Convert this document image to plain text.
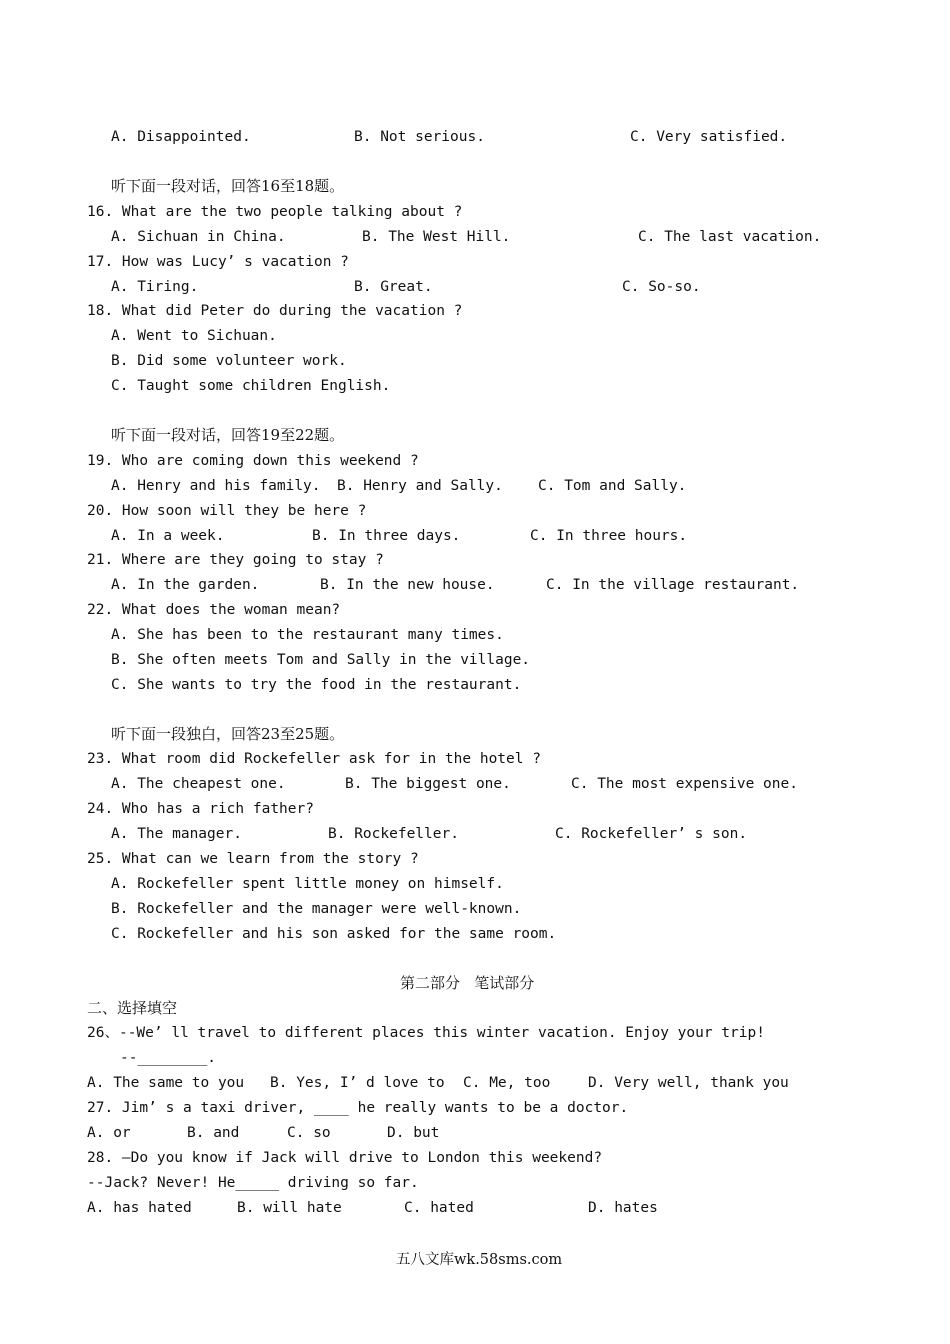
A. Disappointed.	B. Not serious.	C. Very satisfied.
听下面一段对话，回答16至18题。
16. What are the two people talking about ?
A. Sichuan in China.	B. The West Hill.	C. The last vacation.
17. How was Lucy’ s vacation ?
A. Tiring.	B. Great.	C. So-so.
18. What did Peter do during the vacation ?
A. Went to Sichuan.
B. Did some volunteer work.
C. Taught some children English.
听下面一段对话，回答19至22题。
19. Who are coming down this weekend ?
A. Henry and his family. B. Henry and Sally. C. Tom and Sally.
20. How soon will they be here ?
A. In a week.	B. In three days.	C. In three hours.
21. Where are they going to stay ?
A. In the garden.	B. In the new house.	C. In the village restaurant.
22. What does the woman mean?
A. She has been to the restaurant many times.
B. She often meets Tom and Sally in the village.
C. She wants to try the food in the restaurant.
听下面一段独白，回答23至25题。
23. What room did Rockefeller ask for in the hotel ?
A. The cheapest one.	B. The biggest one.	C. The most expensive one.
24. Who has a rich father?
A. The manager.	B. Rockefeller.	C. Rockefeller’ s son.
25. What can we learn from the story ?
A. Rockefeller spent little money on himself.
B. Rockefeller and the manager were well-known.
C. Rockefeller and his son asked for the same room.
第二部分   笔试部分
二、选择填空
26、--We’ ll travel to different places this winter vacation. Enjoy your trip!
--________.
A. The same to you B. Yes, I’ d love to C. Me, too	D. Very well, thank you
27. Jim’ s a taxi driver, ____ he really wants to be a doctor.
A. or	B. and	C. so	D. but
28. –Do you know if Jack will drive to London this weekend?
--Jack? Never! He_____ driving so far.
A. has hated	B. will hate	C. hated	D. hates
五八文库wk.58sms.com
